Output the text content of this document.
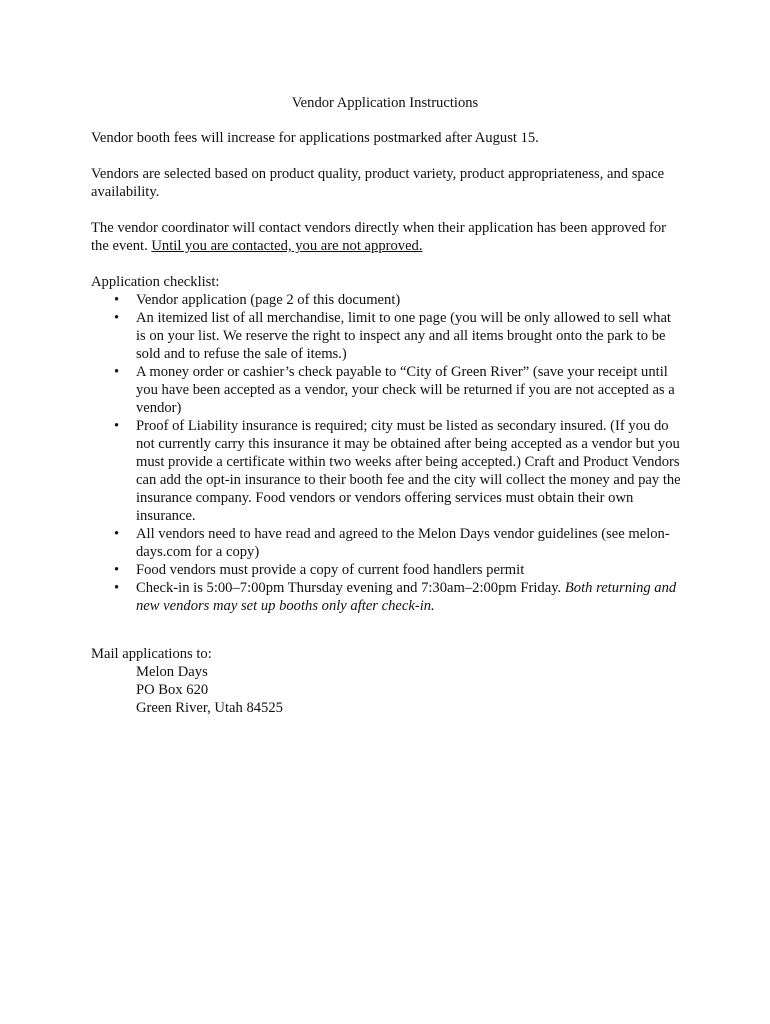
Vendor Application Instructions

Vendor booth fees will increase for applications postmarked after August 15.

Vendors are selected based on product quality, product variety, product appropriateness, and space availability.

The vendor coordinator will contact vendors directly when their application has been approved for the event. Until you are contacted, you are not approved.

Application checklist:
• Vendor application (page 2 of this document)
• An itemized list of all merchandise, limit to one page (you will be only allowed to sell what is on your list. We reserve the right to inspect any and all items brought onto the park to be sold and to refuse the sale of items.)
• A money order or cashier’s check payable to “City of Green River” (save your receipt until you have been accepted as a vendor, your check will be returned if you are not accepted as a vendor)
• Proof of Liability insurance is required; city must be listed as secondary insured. (If you do not currently carry this insurance it may be obtained after being accepted as a vendor but you must provide a certificate within two weeks after being accepted.) Craft and Product Vendors can add the opt-in insurance to their booth fee and the city will collect the money and pay the insurance company. Food vendors or vendors offering services must obtain their own insurance.
• All vendors need to have read and agreed to the Melon Days vendor guidelines (see melon-days.com for a copy)
• Food vendors must provide a copy of current food handlers permit
• Check-in is 5:00–7:00pm Thursday evening and 7:30am–2:00pm Friday. Both returning and new vendors may set up booths only after check-in.
Mail applications to:
Melon Days
PO Box 620
Green River, Utah 84525
